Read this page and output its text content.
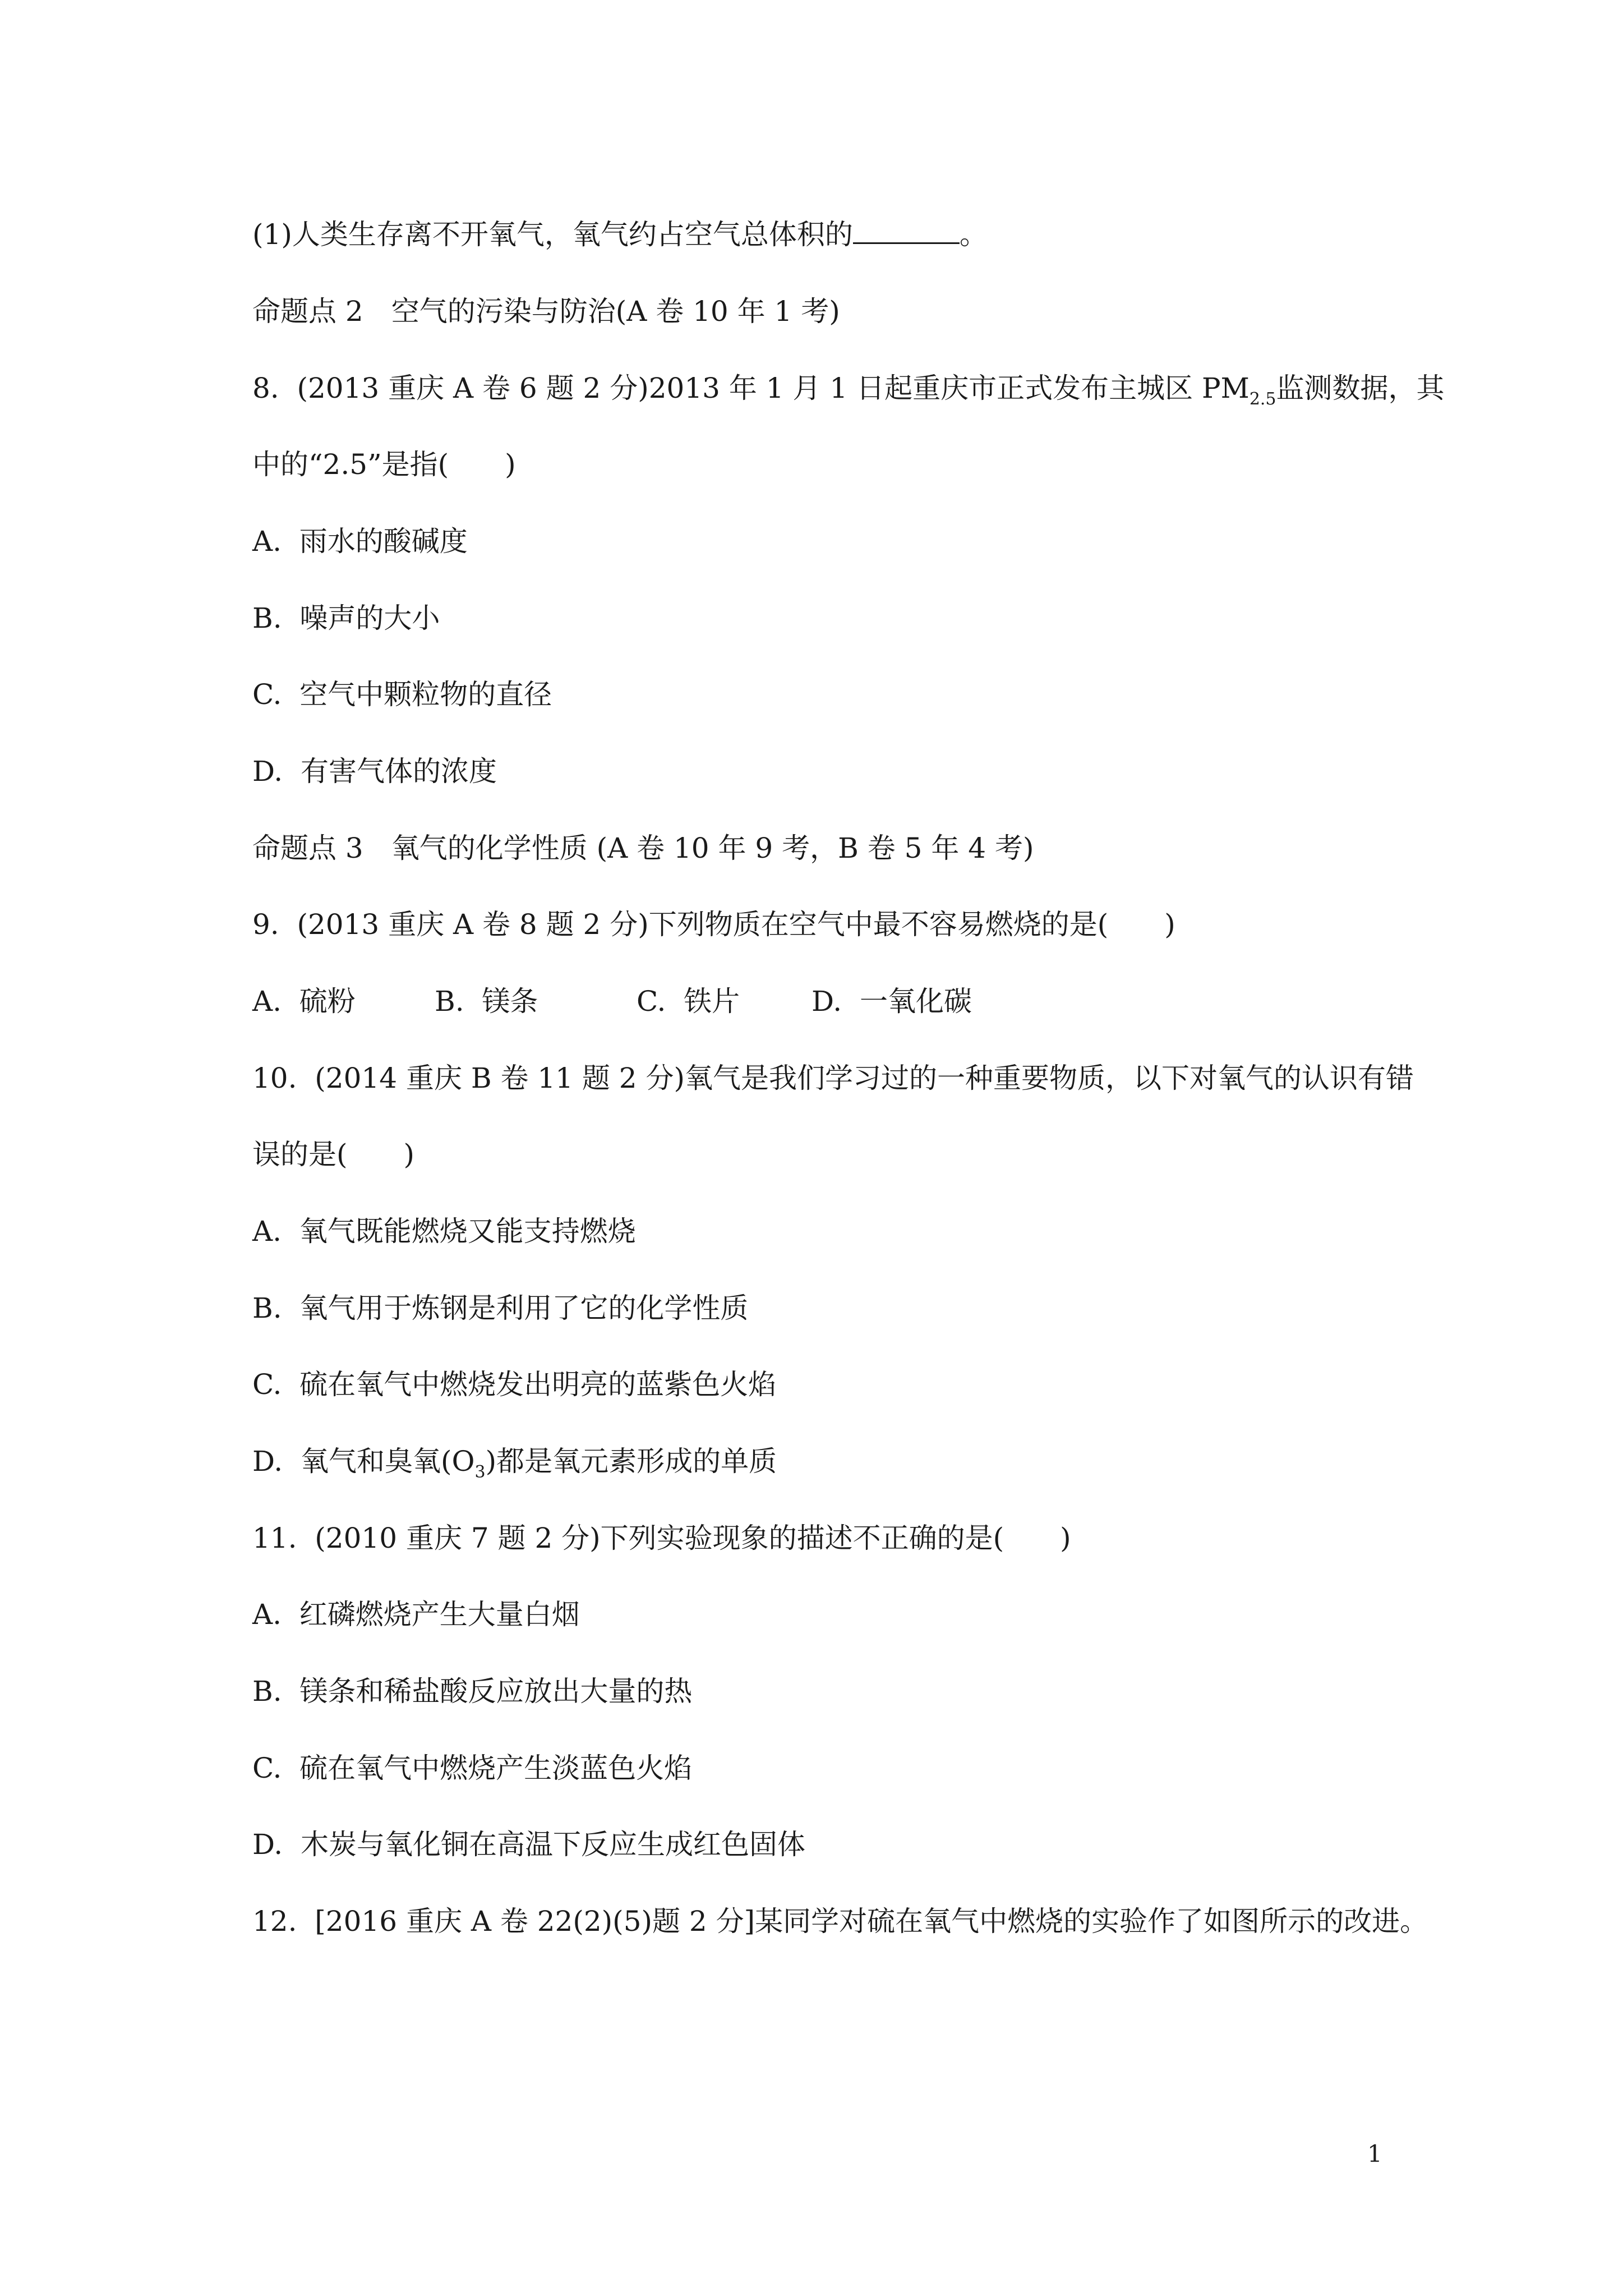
(1)人类生存离不开氧气，氧气约占空气总体积的	。
命题点 2　空气的污染与防治(A 卷 10 年 1 考)
8.  (2013 重庆 A 卷 6 题 2 分)2013 年 1 月 1 日起重庆市正式发布主城区 $PM_{2.5}$监测数据，其
中的“2.5”是指(　　)
A.  雨水的酸碱度
B.  噪声的大小
C.  空气中颗粒物的直径
D.  有害气体的浓度
命题点 3　氧气的化学性质 (A 卷 10 年 9 考，B 卷 5 年 4 考)
9.  (2013 重庆 A 卷 8 题 2 分)下列物质在空气中最不容易燃烧的是(　　)

A.  硫粉

	B.  镁条

	C.  铁片

	D.  一氧化碳

10.  (2014 重庆 B 卷 11 题 2 分)氧气是我们学习过的一种重要物质，以下对氧气的认识有错
误的是(　　)
A.  氧气既能燃烧又能支持燃烧
B.  氧气用于炼钢是利用了它的化学性质
C.  硫在氧气中燃烧发出明亮的蓝紫色火焰
D.  氧气和臭氧$(O_3)$都是氧元素形成的单质
11.  (2010 重庆 7 题 2 分)下列实验现象的描述不正确的是(　　)
A.  红磷燃烧产生大量白烟
B.  镁条和稀盐酸反应放出大量的热
C.  硫在氧气中燃烧产生淡蓝色火焰
D.  木炭与氧化铜在高温下反应生成红色固体
12.  [2016 重庆 A 卷 22(2)(5)题 2 分]某同学对硫在氧气中燃烧的实验作了如图所示的改进。
1
